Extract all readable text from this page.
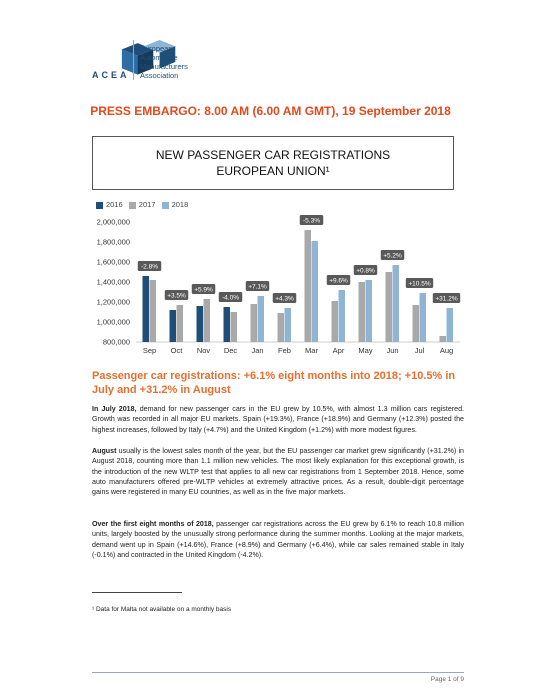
ACEA
European
Automobile
Manufacturers
Association
PRESS EMBARGO: 8.00 AM (6.00 AM GMT), 19 September 2018
NEW PASSENGER CAR REGISTRATIONS
EUROPEAN UNION¹
2016 2017 2018
800,000
1,000,000
1,200,000
1,400,000
1,600,000
1,800,000
2,000,000
Sep
-2.8%
Oct
+3.5%
Nov
+5.9%
Dec
-4.0%
Jan
+7.1%
Feb
+4.3%
Mar
-5.3%
Apr
+9.6%
May
+0.8%
Jun
+5.2%
Jul
+10.5%
Aug
+31.2%
Passenger car registrations: +6.1% eight months into 2018; +10.5% in July and +31.2% in August
In July 2018, demand for new passenger cars in the EU grew by 10.5%, with almost 1.3 million cars registered. Growth was recorded in all major EU markets. Spain (+19.3%), France (+18.9%) and Germany (+12.3%) posted the highest increases, followed by Italy (+4.7%) and the United Kingdom (+1.2%) with more modest figures.
August usually is the lowest sales month of the year, but the EU passenger car market grew significantly (+31.2%) in August 2018, counting more than 1.1 million new vehicles. The most likely explanation for this exceptional growth, is the introduction of the new WLTP test that applies to all new car registrations from 1 September 2018. Hence, some auto manufacturers offered pre-WLTP vehicles at extremely attractive prices. As a result, double-digit percentage gains were registered in many EU countries, as well as in the five major markets.
Over the first eight months of 2018, passenger car registrations across the EU grew by 6.1% to reach 10.8 million units, largely boosted by the unusually strong performance during the summer months. Looking at the major markets, demand went up in Spain (+14.6%), France (+8.9%) and Germany (+6.4%), while car sales remained stable in Italy (-0.1%) and contracted in the United Kingdom (-4.2%).
¹ Data for Malta not available on a monthly basis
Page 1 of 9
